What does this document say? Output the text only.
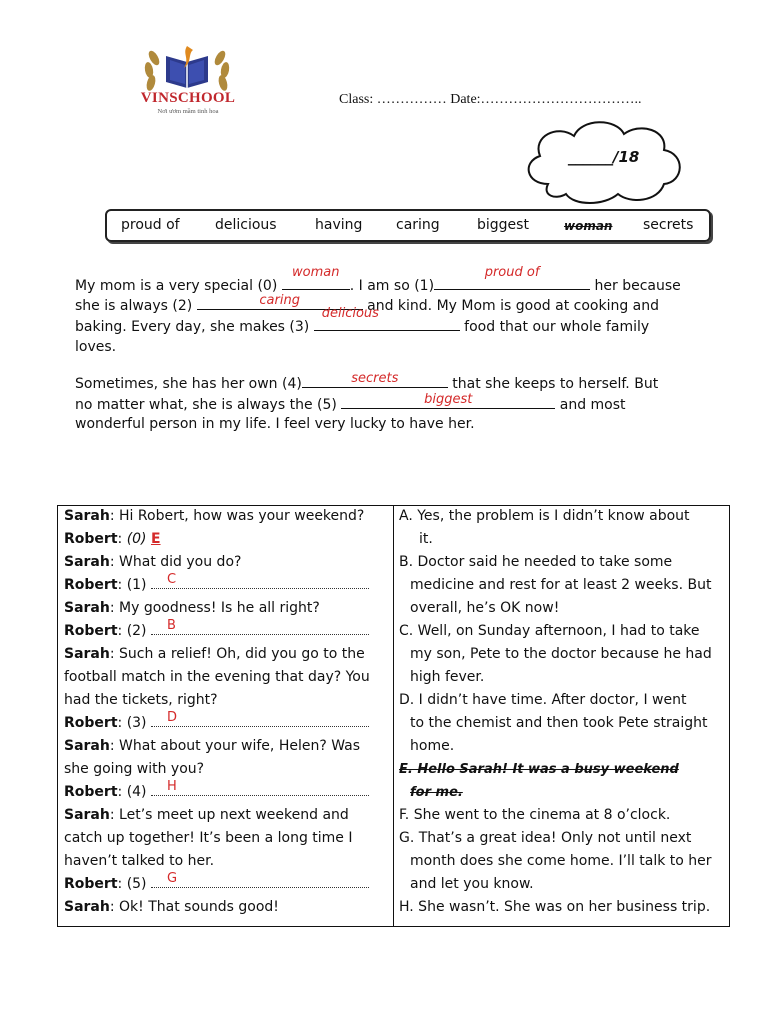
VINSCHOOL
Nơi ươm mầm tinh hoa
Class: …………… Date:……………………………..
______/18
proud of	delicious	having caring	biggest	woman secrets
My mom is a very special (0)
woman
. I am so (1)
proud of
her because
she is always (2)	caring	and kind. My Mom is good at cooking and
baking. Every day, she makes (3)
delicious
food that our whole family
loves.
Sometimes, she has her own (4)	secrets	that she keeps to herself. But
no matter what, she is always the (5)	biggest	and most
wonderful person in my life. I feel very lucky to have her.
Sarah: Hi Robert, how was your weekend?
Robert: (0) E
Sarah: What did you do?
Robert: (1) C
Sarah: My goodness! Is he all right?
Robert: (2) B
Sarah: Such a relief! Oh, did you go to the
football match in the evening that day? You
had the tickets, right?
Robert: (3) D
Sarah: What about your wife, Helen? Was
she going with you?
Robert: (4) H
Sarah: Let’s meet up next weekend and
catch up together! It’s been a long time I
haven’t talked to her.
Robert: (5) G
Sarah: Ok! That sounds good!
A. Yes, the problem is I didn’t know about
it.
B. Doctor said he needed to take some
medicine and rest for at least 2 weeks. But
overall, he’s OK now!
C. Well, on Sunday afternoon, I had to take
my son, Pete to the doctor because he had
high fever.
D. I didn’t have time. After doctor, I went
to the chemist and then took Pete straight
home.
E. Hello Sarah! It was a busy weekend
for me.
F. She went to the cinema at 8 o’clock.
G. That’s a great idea! Only not until next
month does she come home. I’ll talk to her
and let you know.
H. She wasn’t. She was on her business trip.
